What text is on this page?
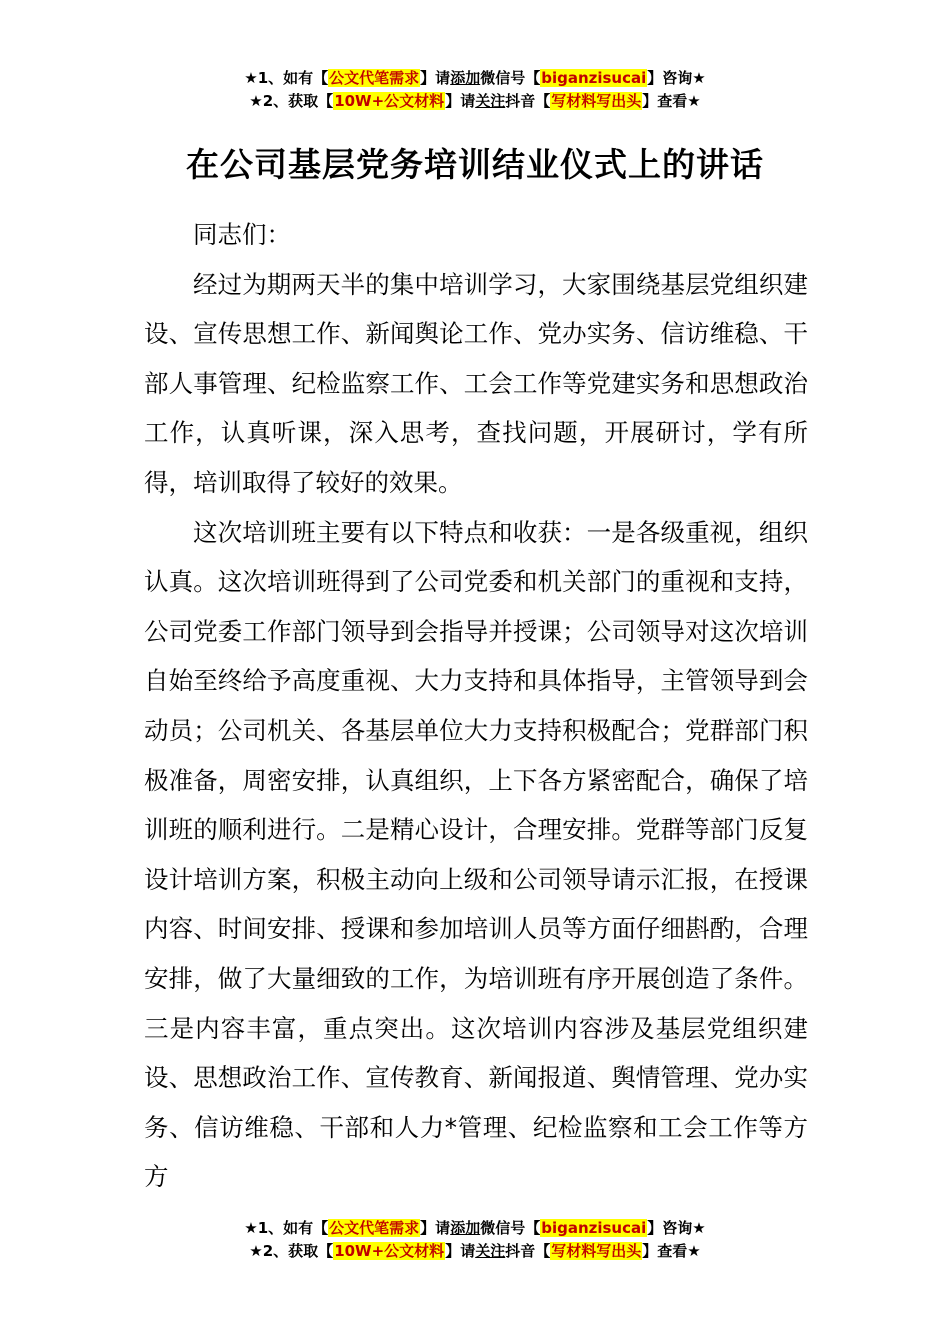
★1、如有【公文代笔需求】请添加微信号【biganzisucai】咨询★
★2、获取【10W+公文材料】请关注抖音【写材料写出头】查看★
在公司基层党务培训结业仪式上的讲话

同志们：

经过为期两天半的集中培训学习，大家围绕基层党组织建设、宣传思想工作、新闻舆论工作、党办实务、信访维稳、干部人事管理、纪检监察工作、工会工作等党建实务和思想政治工作，认真听课，深入思考，查找问题，开展研讨，学有所得，培训取得了较好的效果。

这次培训班主要有以下特点和收获：一是各级重视，组织认真。这次培训班得到了公司党委和机关部门的重视和支持，公司党委工作部门领导到会指导并授课；公司领导对这次培训自始至终给予高度重视、大力支持和具体指导，主管领导到会动员；公司机关、各基层单位大力支持积极配合；党群部门积极准备，周密安排，认真组织，上下各方紧密配合，确保了培训班的顺利进行。二是精心设计，合理安排。党群等部门反复设计培训方案，积极主动向上级和公司领导请示汇报，在授课内容、时间安排、授课和参加培训人员等方面仔细斟酌，合理安排，做了大量细致的工作，为培训班有序开展创造了条件。三是内容丰富，重点突出。这次培训内容涉及基层党组织建设、思想政治工作、宣传教育、新闻报道、舆情管理、党办实务、信访维稳、干部和人力*管理、纪检监察和工会工作等方方

★1、如有【公文代笔需求】请添加微信号【biganzisucai】咨询★
★2、获取【10W+公文材料】请关注抖音【写材料写出头】查看★
